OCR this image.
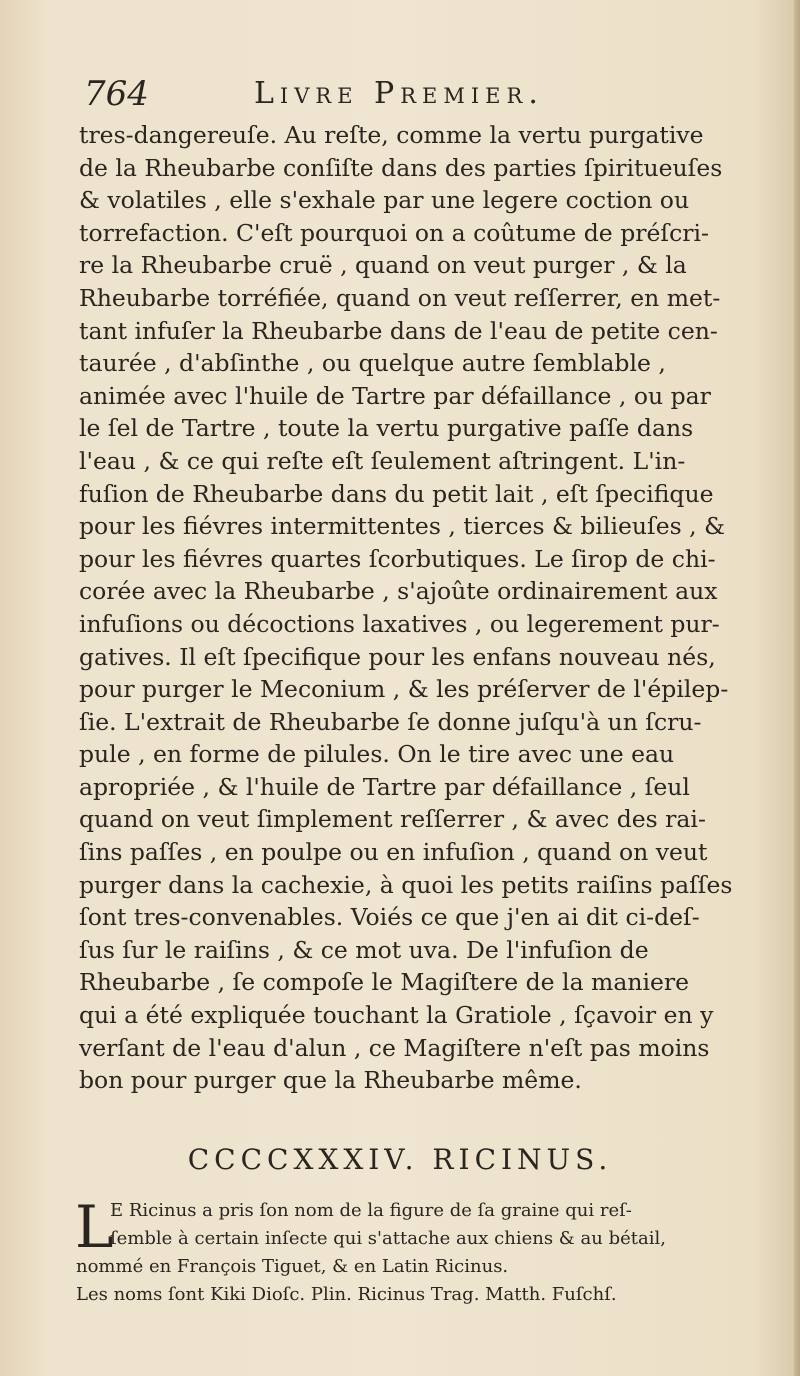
764	Livre Premier.
tres-dangereuſe. Au reſte, comme la vertu purgative
de la Rheubarbe conſiſte dans des parties ſpiritueuſes
& volatiles , elle s'exhale par une legere coction ou
torrefaction. C'eſt pourquoi on a coûtume de préſcri-
re la Rheubarbe cruë , quand on veut purger , & la
Rheubarbe torréfiée, quand on veut reſſerrer, en met-
tant infuſer la Rheubarbe dans de l'eau de petite cen-
taurée , d'abſinthe , ou quelque autre ſemblable ,
animée avec l'huile de Tartre par défaillance , ou par
le ſel de Tartre , toute la vertu purgative paſſe dans
l'eau , & ce qui reſte eſt ſeulement aſtringent. L'in-
fuſion de Rheubarbe dans du petit lait , eſt ſpecifique
pour les fiévres intermittentes , tierces & bilieuſes , &
pour les fiévres quartes ſcorbutiques. Le ſirop de chi-
corée avec la Rheubarbe , s'ajoûte ordinairement aux
infuſions ou décoctions laxatives , ou legerement pur-
gatives. Il eſt ſpecifique pour les enfans nouveau nés,
pour purger le Meconium , & les préſerver de l'épilep-
ſie. L'extrait de Rheubarbe ſe donne juſqu'à un ſcru-
pule , en forme de pilules. On le tire avec une eau
apropriée , & l'huile de Tartre par défaillance , ſeul
quand on veut ſimplement reſſerrer , & avec des rai-
ſins paſſes , en poulpe ou en infuſion , quand on veut
purger dans la cachexie, à quoi les petits raiſins paſſes
ſont tres-convenables. Voiés ce que j'en ai dit ci-deſ-
ſus ſur le raiſins , & ce mot uva. De l'infuſion de
Rheubarbe , ſe compoſe le Magiſtere de la maniere
qui a été expliquée touchant la Gratiole , ſçavoir en y
verſant de l'eau d'alun , ce Magiſtere n'eſt pas moins
bon pour purger que la Rheubarbe même.
CCCCXXXIV. RICINUS.
L
E Ricinus a pris ſon nom de la figure de ſa graine qui reſ-
ſemble à certain inſecte qui s'attache aux chiens & au bétail,
nommé en François Tiguet, & en Latin Ricinus.
Les noms ſont Kiki Dioſc. Plin. Ricinus Trag. Matth. Fuſchſ.
